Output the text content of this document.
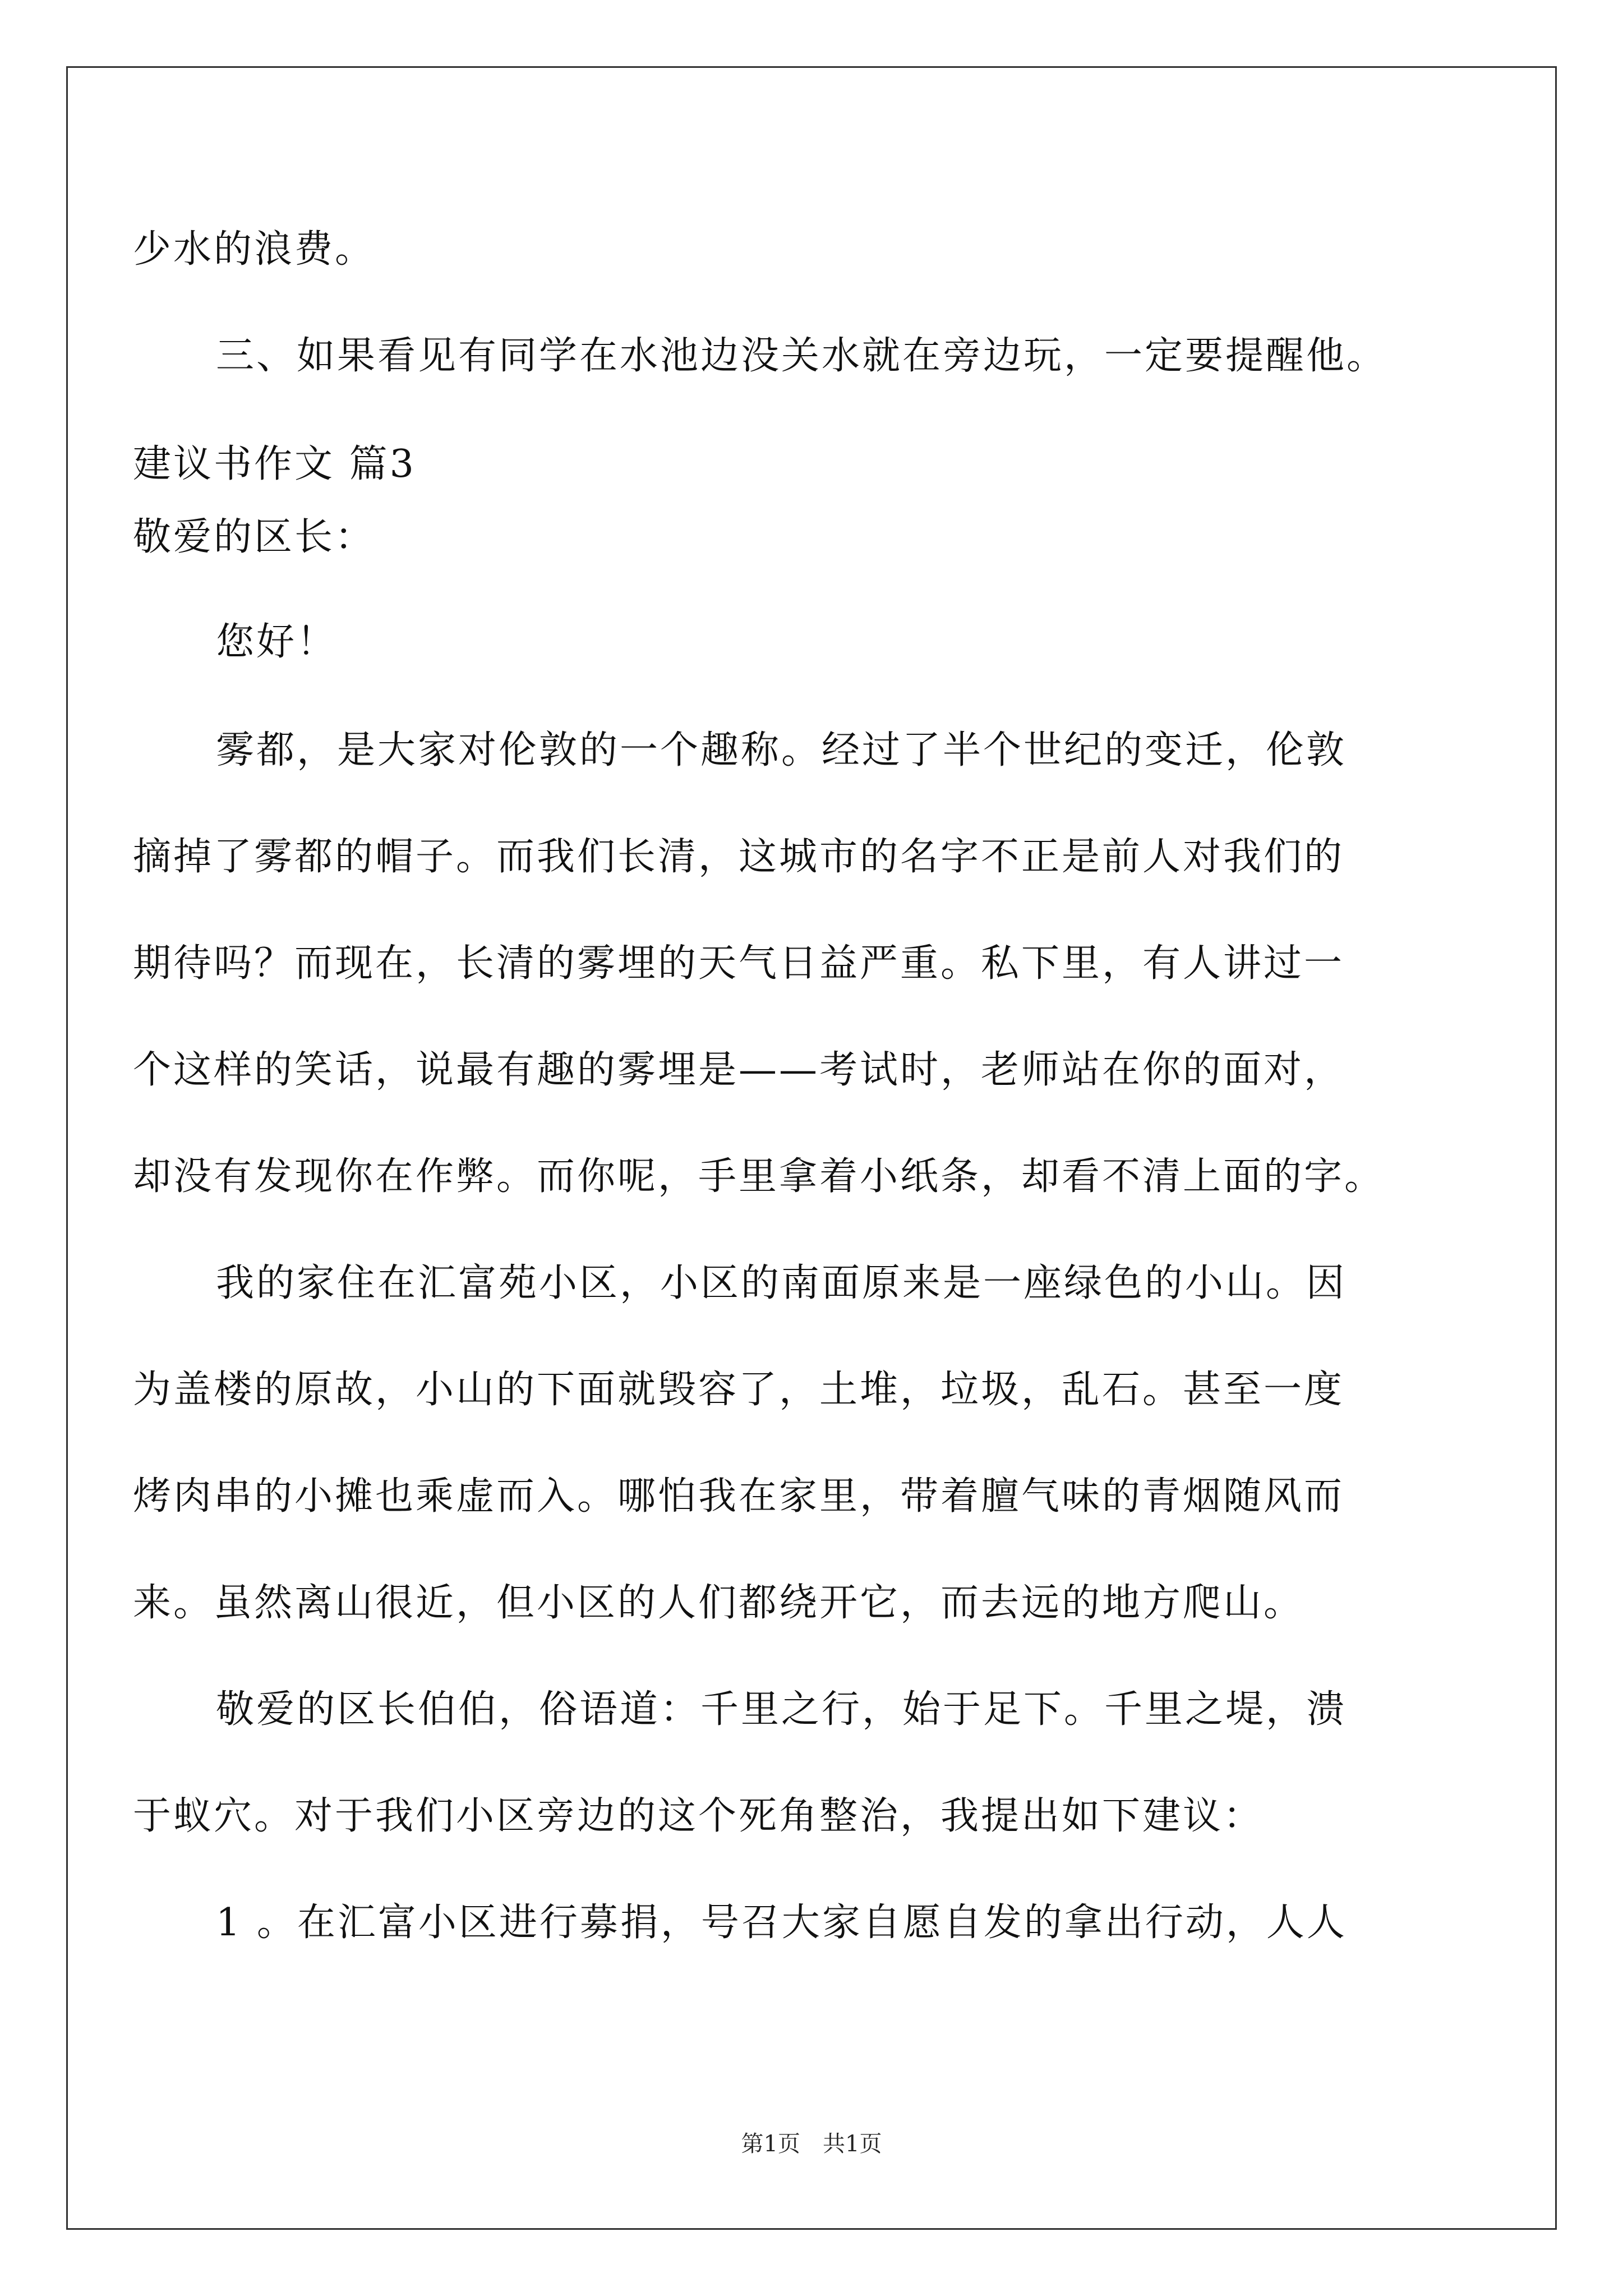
少水的浪费。
三、如果看见有同学在水池边没关水就在旁边玩，一定要提醒他。
建议书作文 篇3
敬爱的区长：
您好！
雾都，是大家对伦敦的一个趣称。经过了半个世纪的变迁，伦敦
摘掉了雾都的帽子。而我们长清，这城市的名字不正是前人对我们的
期待吗？而现在，长清的雾埋的天气日益严重。私下里，有人讲过一
个这样的笑话，说最有趣的雾埋是——考试时，老师站在你的面对，
却没有发现你在作弊。而你呢，手里拿着小纸条，却看不清上面的字。
我的家住在汇富苑小区，小区的南面原来是一座绿色的小山。因
为盖楼的原故，小山的下面就毁容了，土堆，垃圾，乱石。甚至一度
烤肉串的小摊也乘虚而入。哪怕我在家里，带着膻气味的青烟随风而
来。虽然离山很近，但小区的人们都绕开它，而去远的地方爬山。
敬爱的区长伯伯，俗语道：千里之行，始于足下。千里之堤，溃
于蚁穴。对于我们小区旁边的这个死角整治，我提出如下建议：
1 。在汇富小区进行募捐，号召大家自愿自发的拿出行动，人人
第1页　共1页
